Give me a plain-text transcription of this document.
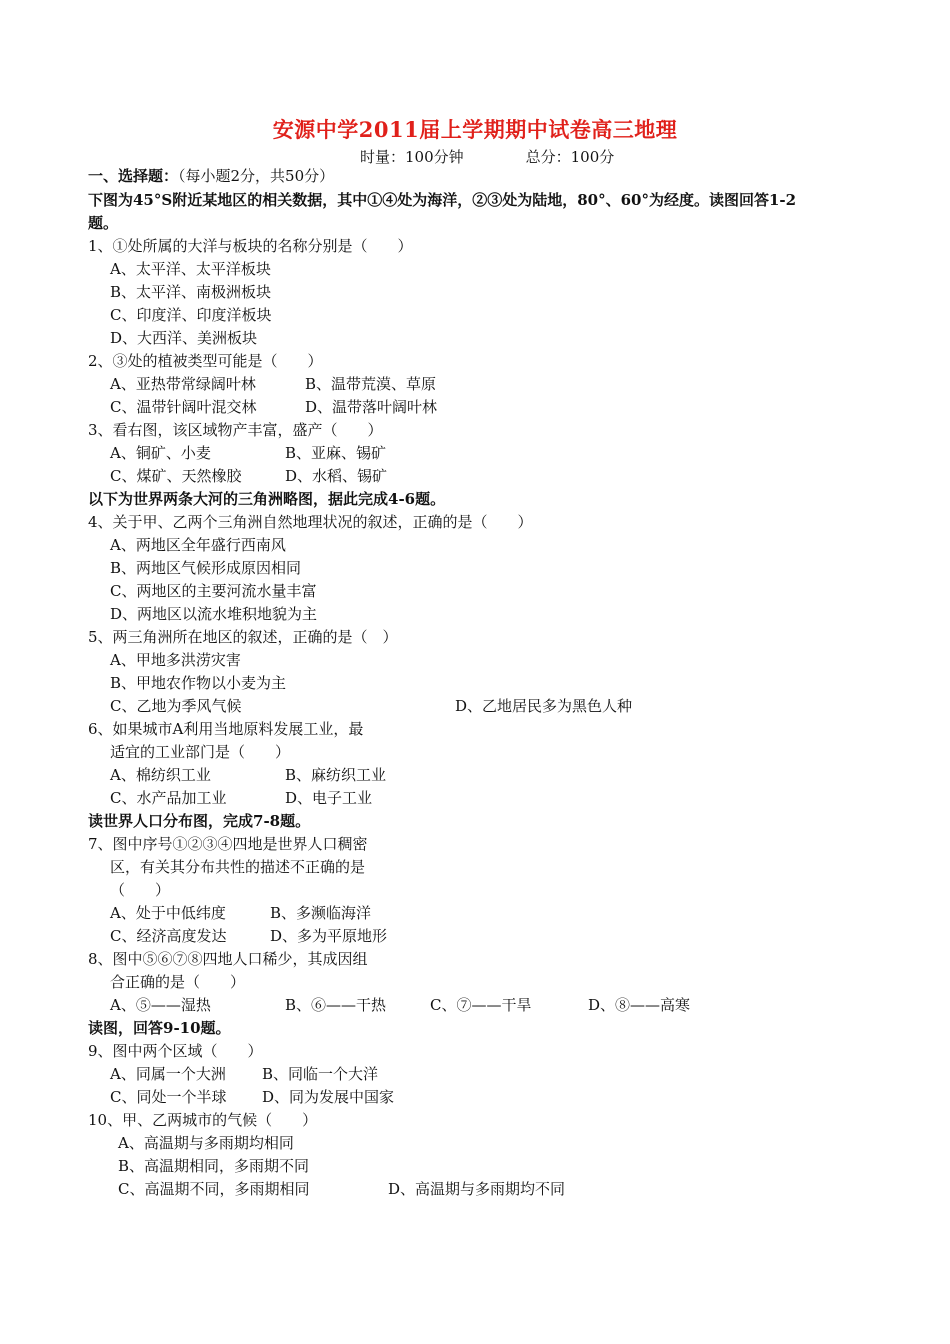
安源中学2011届上学期期中试卷高三地理
时量：100分钟	总分：100分
一、选择题：（每小题2分，共50分）
下图为45°S附近某地区的相关数据，其中①④处为海洋，②③处为陆地，80°、60°为经度。读图回答1-2
题。
1、①处所属的大洋与板块的名称分别是（　　）
A、太平洋、太平洋板块
B、太平洋、南极洲板块
C、印度洋、印度洋板块
D、大西洋、美洲板块
2、③处的植被类型可能是（　　）
A、亚热带常绿阔叶林	B、温带荒漠、草原
C、温带针阔叶混交林	D、温带落叶阔叶林
3、看右图，该区域物产丰富，盛产（　　）
A、铜矿、小麦	B、亚麻、锡矿
C、煤矿、天然橡胶	D、水稻、锡矿
以下为世界两条大河的三角洲略图，据此完成4-6题。
4、关于甲、乙两个三角洲自然地理状况的叙述，正确的是（　　）
A、两地区全年盛行西南风
B、两地区气候形成原因相同
C、两地区的主要河流水量丰富
D、两地区以流水堆积地貌为主
5、两三角洲所在地区的叙述，正确的是（　）
A、甲地多洪涝灾害
B、甲地农作物以小麦为主
C、乙地为季风气候	D、乙地居民多为黑色人种
6、如果城市A利用当地原料发展工业，最
适宜的工业部门是（　　）
A、棉纺织工业	B、麻纺织工业
C、水产品加工业	D、电子工业
读世界人口分布图，完成7-8题。
7、图中序号①②③④四地是世界人口稠密
区，有关其分布共性的描述不正确的是
（　　）
A、处于中低纬度	B、多濒临海洋
C、经济高度发达	D、多为平原地形
8、图中⑤⑥⑦⑧四地人口稀少，其成因组
合正确的是（　　）
A、⑤——湿热	B、⑥——干热	C、⑦——干旱	D、⑧——高寒
读图，回答9-10题。
9、图中两个区域（　　）
A、同属一个大洲 B、同临一个大洋
C、同处一个半球 D、同为发展中国家
10、甲、乙两城市的气候（　　）
A、高温期与多雨期均相同
B、高温期相同，多雨期不同
C、高温期不同，多雨期相同	D、高温期与多雨期均不同
